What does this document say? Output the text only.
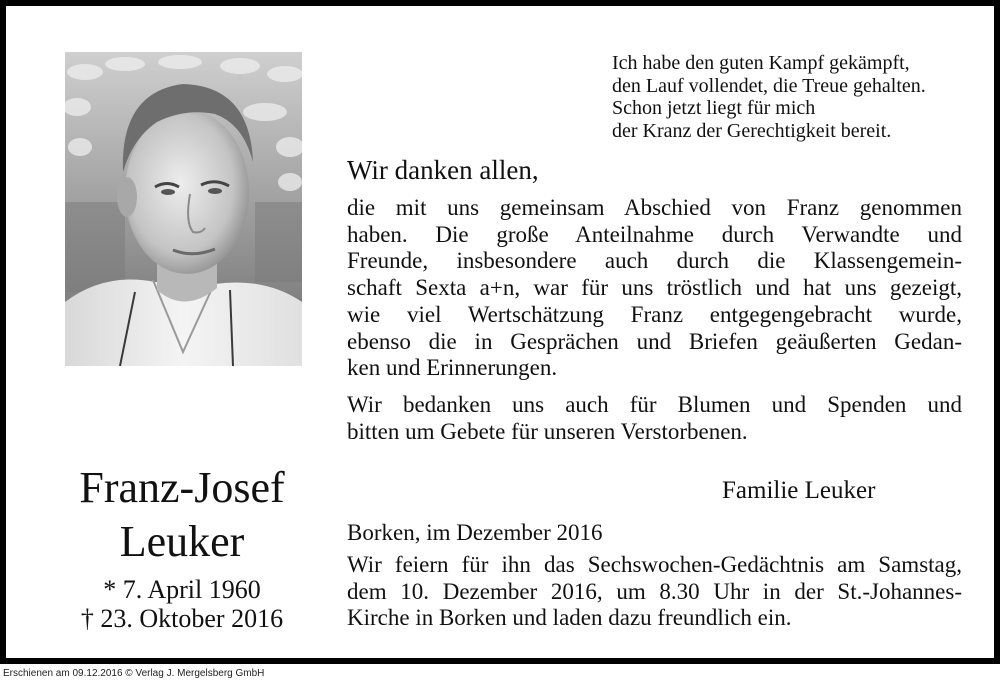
Franz-Josef
Leuker
* 7. April 1960
† 23. Oktober 2016
Ich habe den guten Kampf gekämpft,
den Lauf vollendet, die Treue gehalten.
Schon jetzt liegt für mich
der Kranz der Gerechtigkeit bereit.
Wir danken allen,
die mit uns gemeinsam Abschied von Franz genommen
haben. Die große Anteilnahme durch Verwandte und
Freunde, insbesondere auch durch die Klassengemein-
schaft Sexta a+n, war für uns tröstlich und hat uns gezeigt,
wie viel Wertschätzung Franz entgegengebracht wurde,
ebenso die in Gesprächen und Briefen geäußerten Gedan-
ken und Erinnerungen.
Wir bedanken uns auch für Blumen und Spenden und
bitten um Gebete für unseren Verstorbenen.
Familie Leuker
Borken, im Dezember 2016
Wir feiern für ihn das Sechswochen-Gedächtnis am Samstag,
dem 10. Dezember 2016, um 8.30 Uhr in der St.-Johannes-
Kirche in Borken und laden dazu freundlich ein.
Erschienen am 09.12.2016 © Verlag J. Mergelsberg GmbH
